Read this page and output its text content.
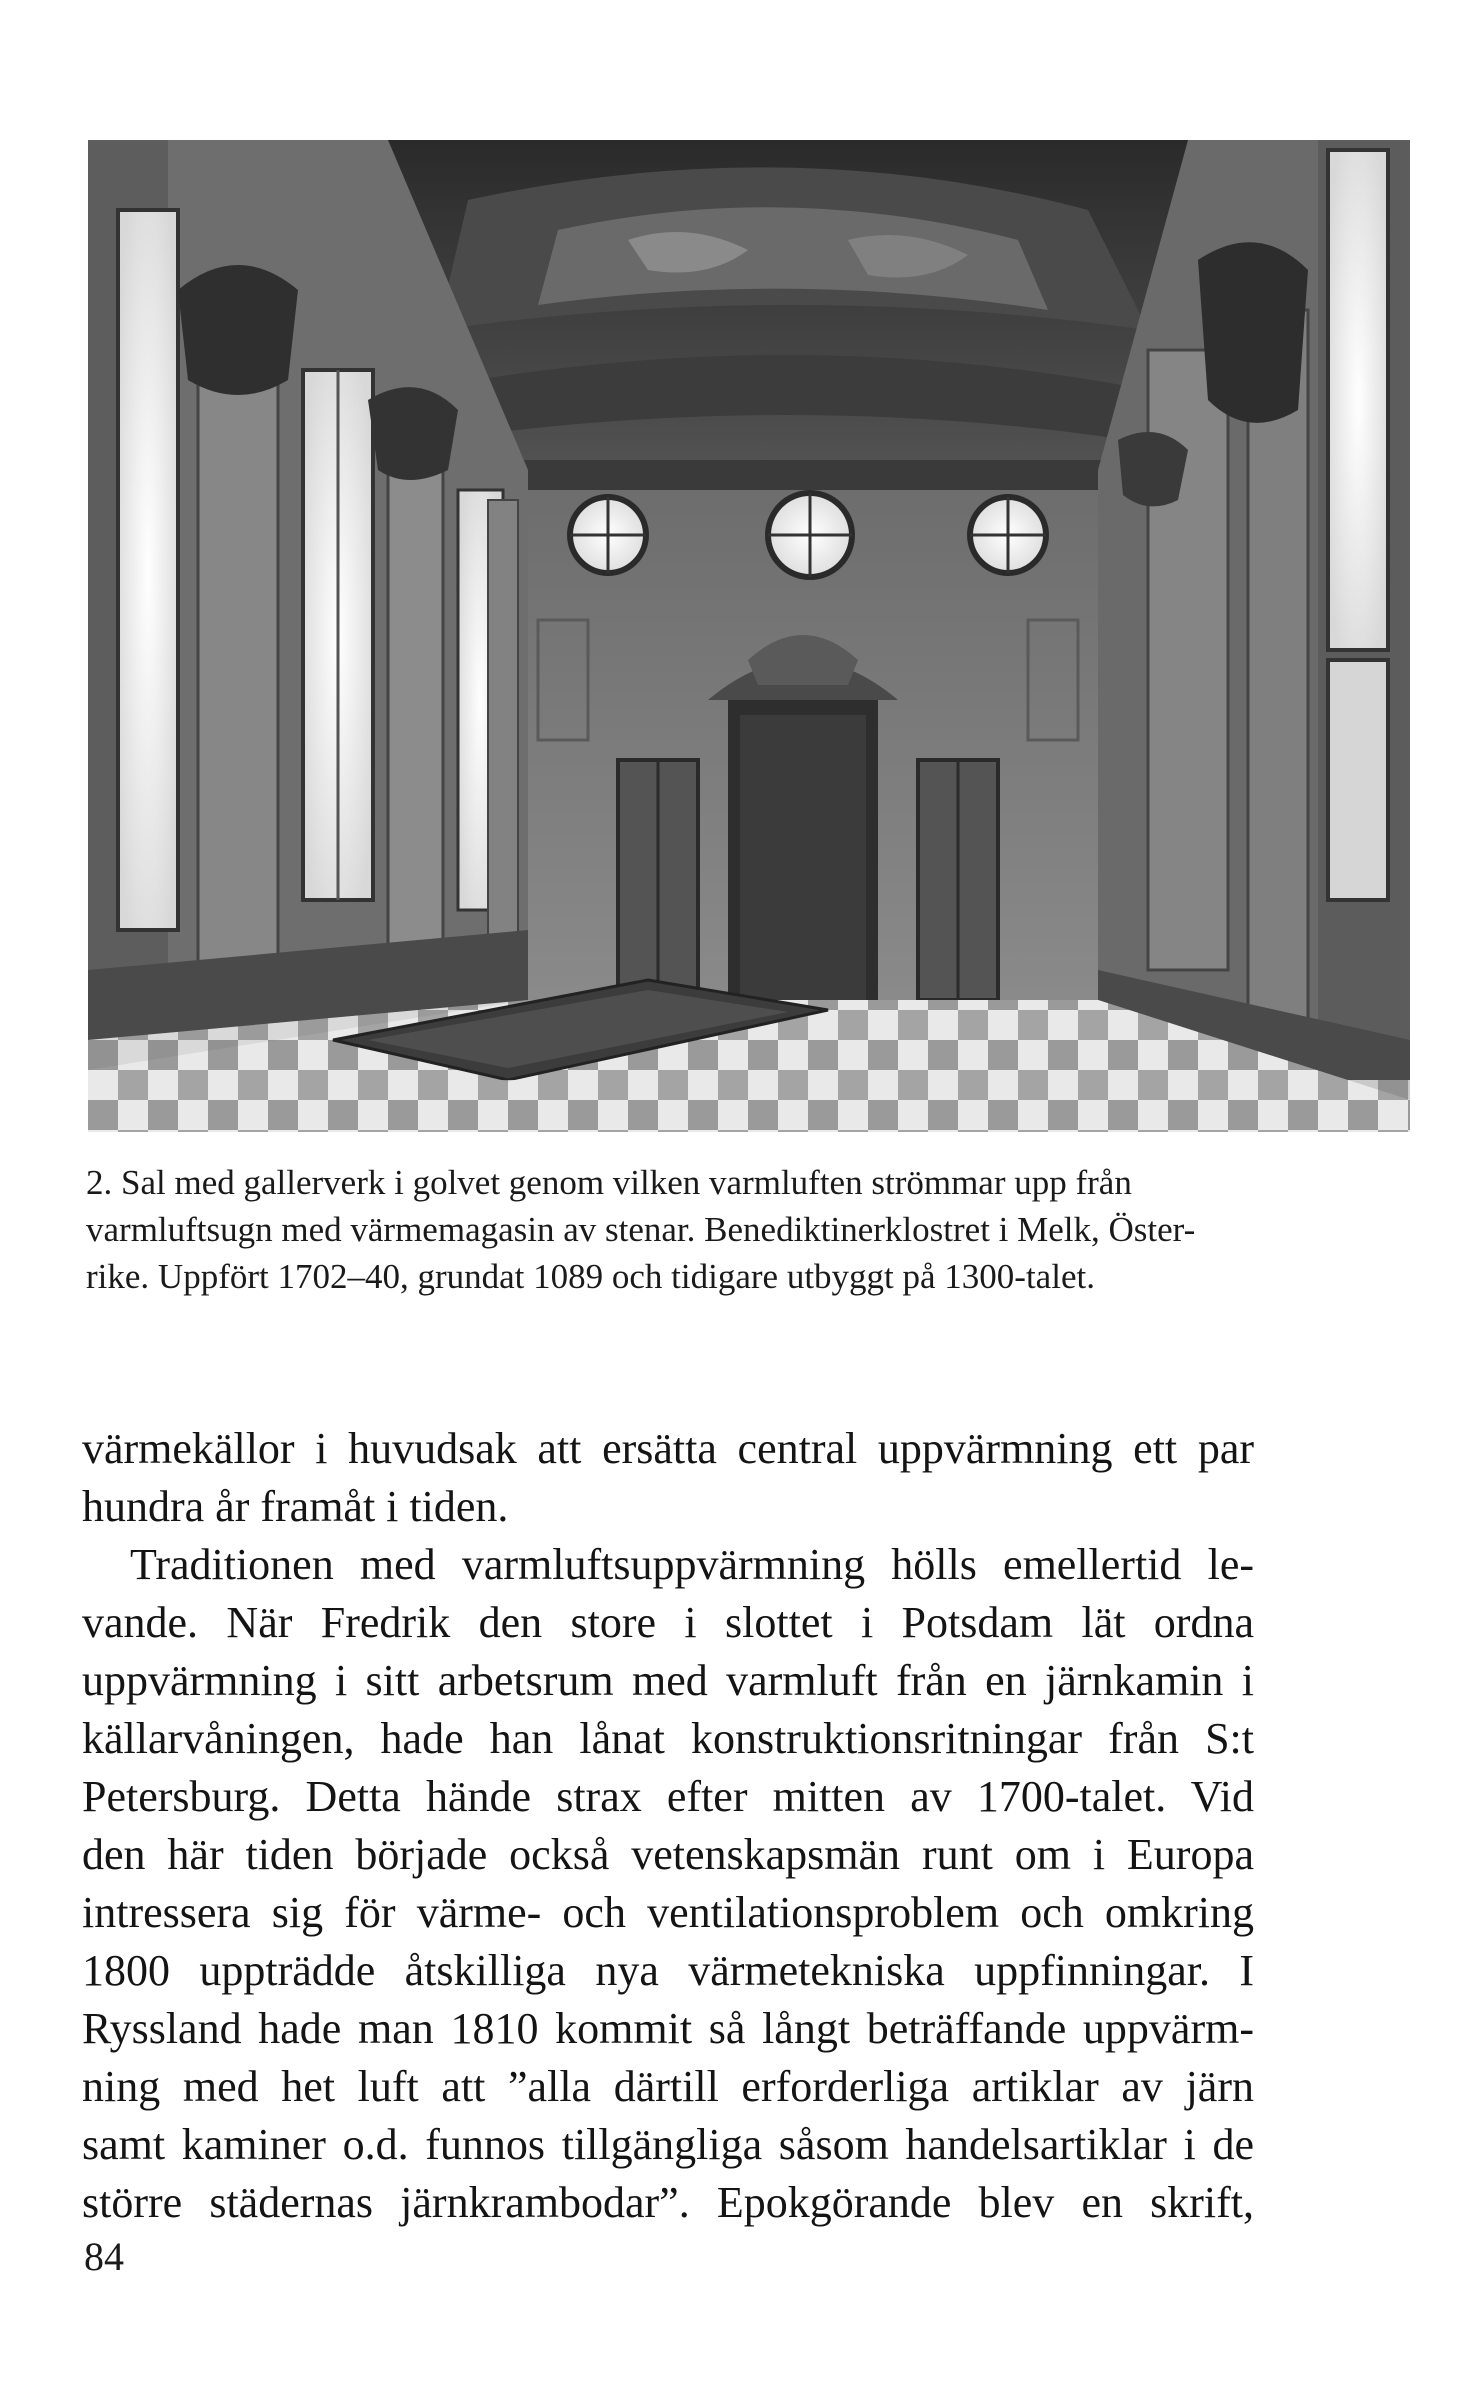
2. Sal med gallerverk i golvet genom vilken varmluften strömmar upp från
varmluftsugn med värmemagasin av stenar. Benediktinerklostret i Melk, Öster-
rike. Uppfört 1702–40, grundat 1089 och tidigare utbyggt på 1300-talet.
värmekällor i huvudsak att ersätta central uppvärmning ett par
hundra år framåt i tiden.
Traditionen med varmluftsuppvärmning hölls emellertid le-
vande. När Fredrik den store i slottet i Potsdam lät ordna
uppvärmning i sitt arbetsrum med varmluft från en järnkamin i
källarvåningen, hade han lånat konstruktionsritningar från S:t
Petersburg. Detta hände strax efter mitten av 1700-talet. Vid
den här tiden började också vetenskapsmän runt om i Europa
intressera sig för värme- och ventilationsproblem och omkring
1800 uppträdde åtskilliga nya värmetekniska uppfinningar. I
Ryssland hade man 1810 kommit så långt beträffande uppvärm-
ning med het luft att ”alla därtill erforderliga artiklar av järn
samt kaminer o.d. funnos tillgängliga såsom handelsartiklar i de
större städernas järnkrambodar”. Epokgörande blev en skrift,
84
